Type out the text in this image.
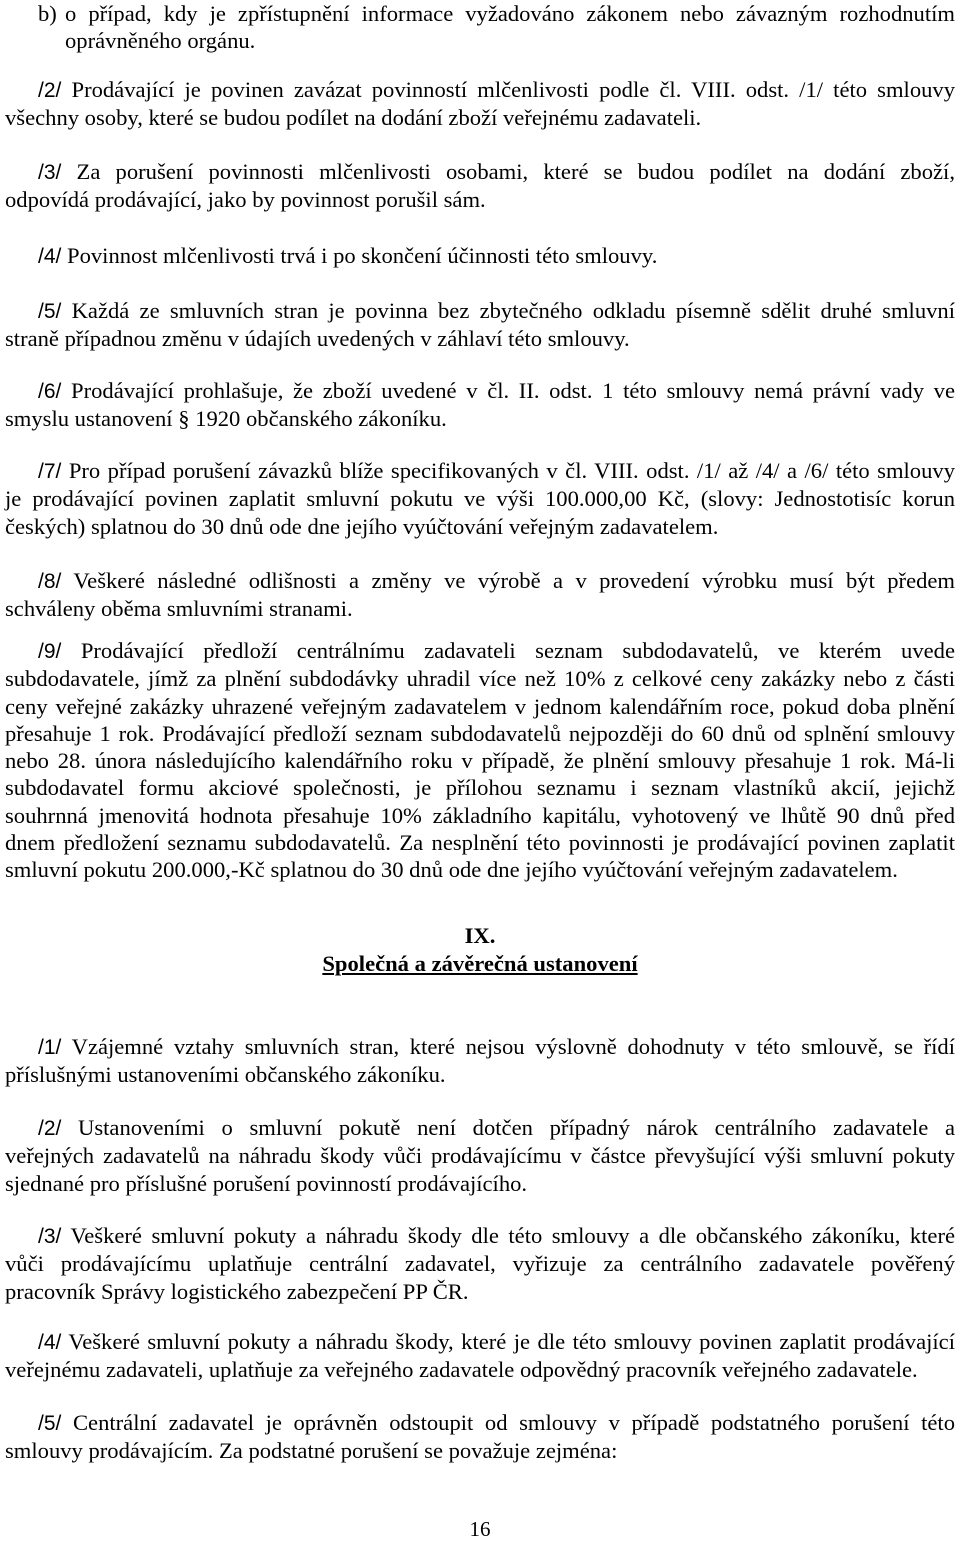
b) o případ, kdy je zpřístupnění informace vyžadováno zákonem nebo závazným rozhodnutím
oprávněného orgánu.
/2/ Prodávající je povinen zavázat povinností mlčenlivosti podle čl. VIII. odst. /1/ této smlouvy
všechny osoby, které se budou podílet na dodání zboží veřejnému zadavateli.
/3/ Za porušení povinnosti mlčenlivosti osobami, které se budou podílet na dodání zboží,
odpovídá prodávající, jako by povinnost porušil sám.
/4/ Povinnost mlčenlivosti trvá i po skončení účinnosti této smlouvy.
/5/ Každá ze smluvních stran je povinna bez zbytečného odkladu písemně sdělit druhé smluvní
straně případnou změnu v údajích uvedených v záhlaví této smlouvy.
/6/ Prodávající prohlašuje, že zboží uvedené v čl. II. odst. 1 této smlouvy nemá právní vady ve
smyslu ustanovení § 1920 občanského zákoníku.
/7/ Pro případ porušení závazků blíže specifikovaných v čl. VIII. odst. /1/ až /4/ a /6/ této smlouvy
je prodávající povinen zaplatit smluvní pokutu ve výši 100.000,00 Kč, (slovy: Jednostotisíc korun
českých) splatnou do 30 dnů ode dne jejího vyúčtování veřejným zadavatelem.
/8/ Veškeré následné odlišnosti a změny ve výrobě a v provedení výrobku musí být předem
schváleny oběma smluvními stranami.
/9/ Prodávající předloží centrálnímu zadavateli seznam subdodavatelů, ve kterém uvede
subdodavatele, jímž za plnění subdodávky uhradil více než 10% z celkové ceny zakázky nebo z části
ceny veřejné zakázky uhrazené veřejným zadavatelem v jednom kalendářním roce, pokud doba plnění
přesahuje 1 rok. Prodávající předloží seznam subdodavatelů nejpozději do 60 dnů od splnění smlouvy
nebo 28. února následujícího kalendářního roku v případě, že plnění smlouvy přesahuje 1 rok. Má-li
subdodavatel formu akciové společnosti, je přílohou seznamu i seznam vlastníků akcií, jejichž
souhrnná jmenovitá hodnota přesahuje 10% základního kapitálu, vyhotovený ve lhůtě 90 dnů před
dnem předložení seznamu subdodavatelů. Za nesplnění této povinnosti je prodávající povinen zaplatit
smluvní pokutu 200.000,-Kč splatnou do 30 dnů ode dne jejího vyúčtování veřejným zadavatelem.
IX.
Společná a závěrečná ustanovení
/1/ Vzájemné vztahy smluvních stran, které nejsou výslovně dohodnuty v této smlouvě, se řídí
příslušnými ustanoveními občanského zákoníku.
/2/ Ustanoveními o smluvní pokutě není dotčen případný nárok centrálního zadavatele a
veřejných zadavatelů na náhradu škody vůči prodávajícímu v částce převyšující výši smluvní pokuty
sjednané pro příslušné porušení povinností prodávajícího.
/3/ Veškeré smluvní pokuty a náhradu škody dle této smlouvy a dle občanského zákoníku, které
vůči prodávajícímu uplatňuje centrální zadavatel, vyřizuje za centrálního zadavatele pověřený
pracovník Správy logistického zabezpečení PP ČR.
/4/ Veškeré smluvní pokuty a náhradu škody, které je dle této smlouvy povinen zaplatit prodávající
veřejnému zadavateli, uplatňuje za veřejného zadavatele odpovědný pracovník veřejného zadavatele.
/5/ Centrální zadavatel je oprávněn odstoupit od smlouvy v případě podstatného porušení této
smlouvy prodávajícím. Za podstatné porušení se považuje zejména:
16
